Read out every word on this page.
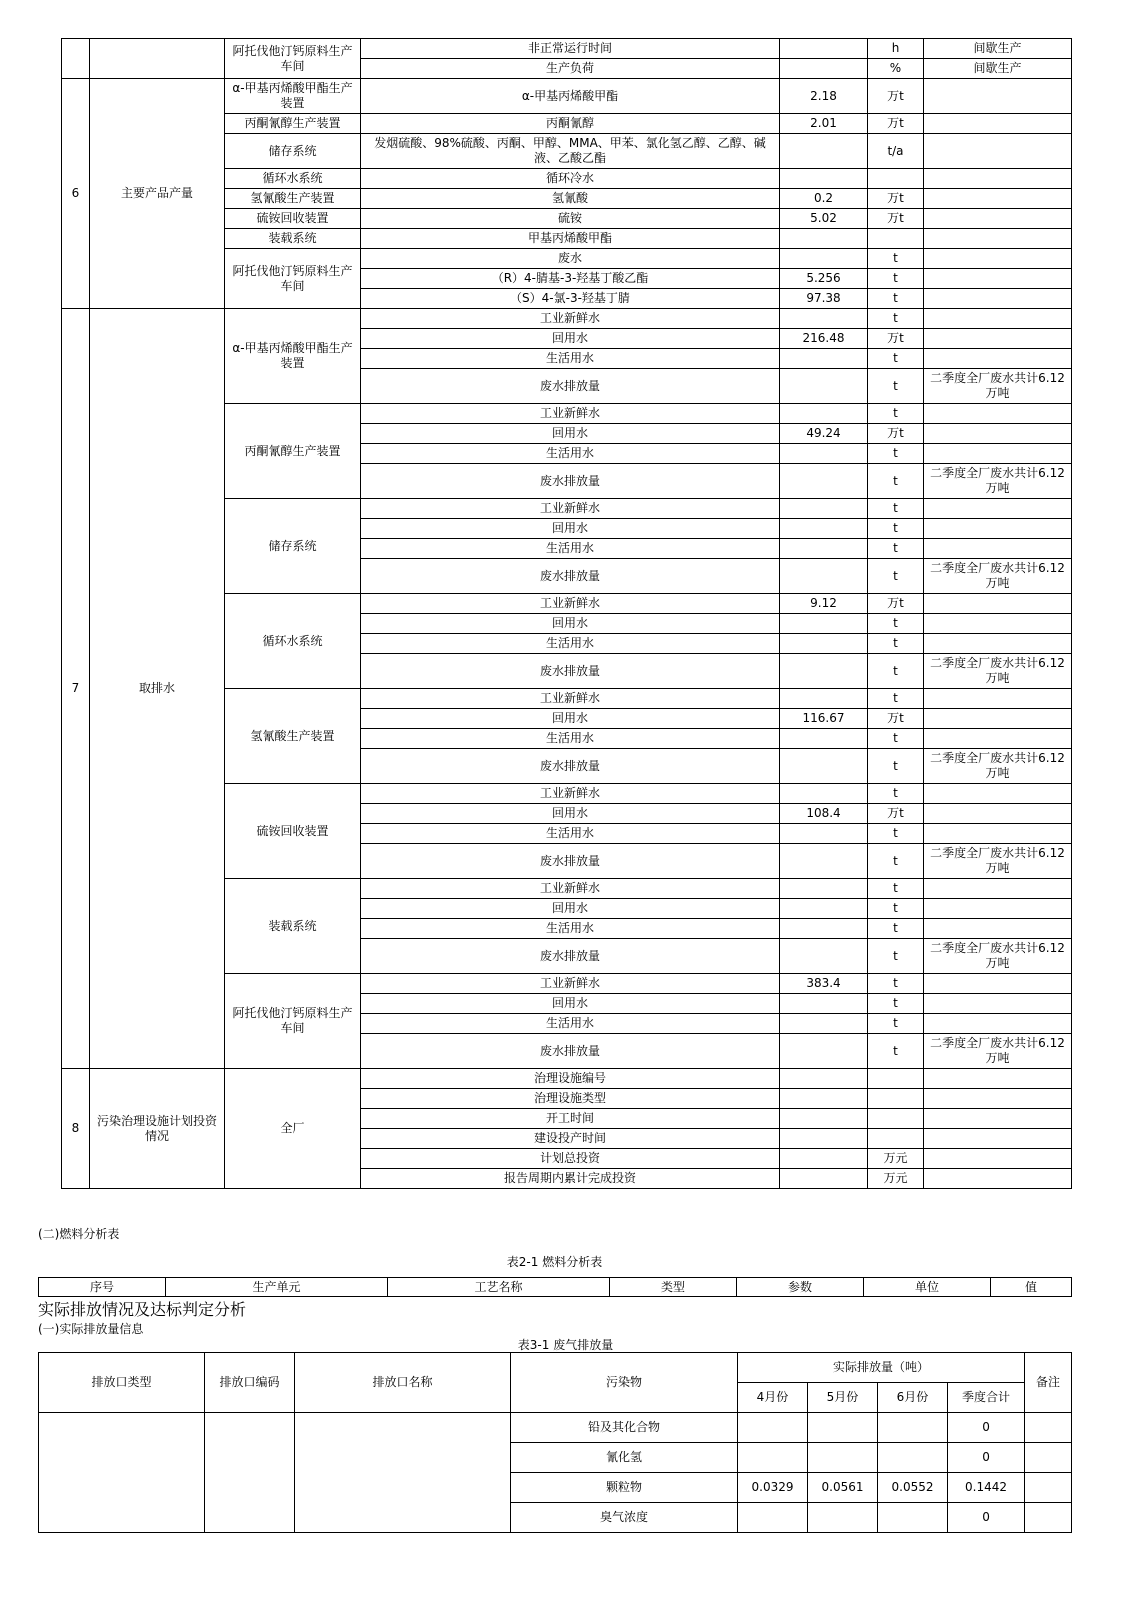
		阿托伐他汀钙原料生产车间	非正常运行时间		h	间歇生产
			生产负荷		%	间歇生产
6	主要产品产量	α-甲基丙烯酸甲酯生产装置	α-甲基丙烯酸甲酯	2.18	万t	
		丙酮氰醇生产装置	丙酮氰醇	2.01	万t	
		储存系统	发烟硫酸、98%硫酸、丙酮、甲醇、MMA、甲苯、氯化氢乙醇、乙醇、碱液、乙酸乙酯		t/a	
		循环水系统	循环冷水			
		氢氰酸生产装置	氢氰酸	0.2	万t	
		硫铵回收装置	硫铵	5.02	万t	
		装载系统	甲基丙烯酸甲酯			
		阿托伐他汀钙原料生产车间	废水		t	
			（R）4-腈基-3-羟基丁酸乙酯	5.256	t	
			（S）4-氯-3-羟基丁腈	97.38	t	
7	取排水	α-甲基丙烯酸甲酯生产装置	工业新鲜水		t	
			回用水	216.48	万t	
			生活用水		t	
			废水排放量		t	二季度全厂废水共计6.12万吨
		丙酮氰醇生产装置	工业新鲜水		t	
			回用水	49.24	万t	
			生活用水		t	
			废水排放量		t	二季度全厂废水共计6.12万吨
		储存系统	工业新鲜水		t	
			回用水		t	
			生活用水		t	
			废水排放量		t	二季度全厂废水共计6.12万吨
		循环水系统	工业新鲜水	9.12	万t	
			回用水		t	
			生活用水		t	
			废水排放量		t	二季度全厂废水共计6.12万吨
		氢氰酸生产装置	工业新鲜水		t	
			回用水	116.67	万t	
			生活用水		t	
			废水排放量		t	二季度全厂废水共计6.12万吨
		硫铵回收装置	工业新鲜水		t	
			回用水	108.4	万t	
			生活用水		t	
			废水排放量		t	二季度全厂废水共计6.12万吨
		装载系统	工业新鲜水		t	
			回用水		t	
			生活用水		t	
			废水排放量		t	二季度全厂废水共计6.12万吨
		阿托伐他汀钙原料生产车间	工业新鲜水	383.4	t	
			回用水		t	
			生活用水		t	
			废水排放量		t	二季度全厂废水共计6.12万吨
8	污染治理设施计划投资情况	全厂	治理设施编号			
			治理设施类型			
			开工时间			
			建设投产时间			
			计划总投资		万元	
			报告周期内累计完成投资		万元	
(二)燃料分析表
表2-1 燃料分析表
序号	生产单元	工艺名称	类型	参数	单位	值
实际排放情况及达标判定分析
(一)实际排放量信息
表3-1 废气排放量
排放口类型	排放口编码	排放口名称	污染物	实际排放量（吨）				备注
				4月份	5月份	6月份	季度合计	
			铅及其化合物				0	
			氰化氢				0	
			颗粒物	0.0329	0.0561	0.0552	0.1442	
			臭气浓度				0	
